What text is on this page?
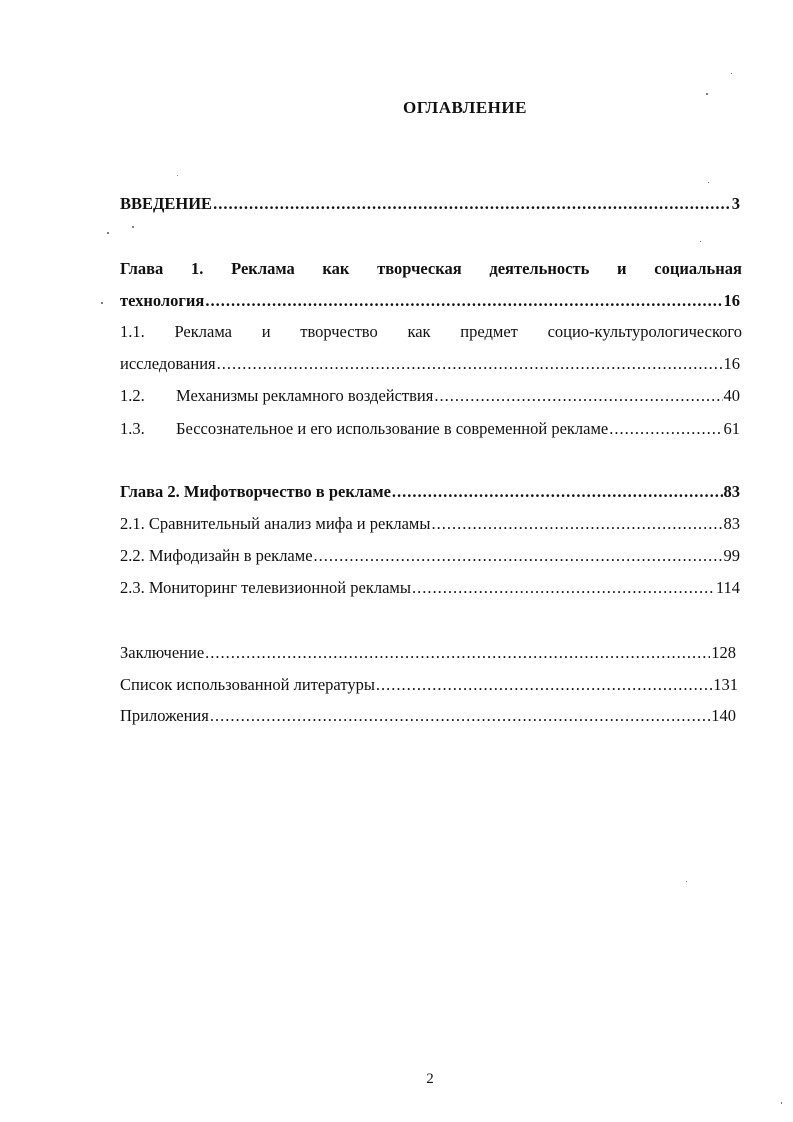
ОГЛАВЛЕНИЕ
ВВЕДЕНИЕ .....	3
Глава 1. Реклама как творческая деятельность и социальная
технология .....	16
1.1. Реклама и творчество как предмет социо-культурологического
исследования .....	16
1.2.	Механизмы рекламного воздействия .....	40
1.3.	Бессознательное и его использование в современной рекламе .....	61
Глава 2. Мифотворчество в рекламе .....	83
2.1. Сравнительный анализ мифа и рекламы .....	83
2.2. Мифодизайн в рекламе .....	99
2.3. Мониторинг телевизионной рекламы .....	114
Заключение .....	128
Список использованной литературы .....	131
Приложения .....	140
2
